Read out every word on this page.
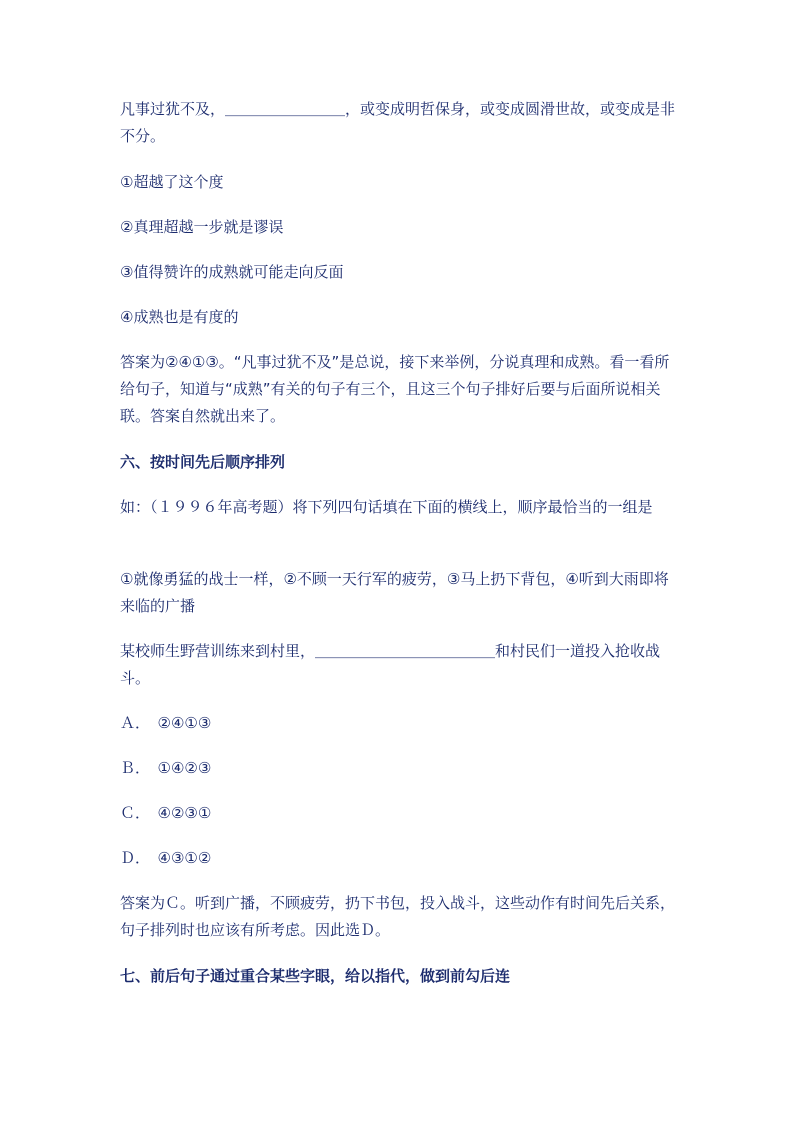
凡事过犹不及，＿＿＿＿＿＿＿＿，或变成明哲保身，或变成圆滑世故，或变成是非不分。

①超越了这个度

②真理超越一步就是谬误

③值得赞许的成熟就可能走向反面

④成熟也是有度的

答案为②④①③。“凡事过犹不及”是总说，接下来举例，分说真理和成熟。看一看所给句子，知道与“成熟”有关的句子有三个，且这三个句子排好后要与后面所说相关联。答案自然就出来了。

六、按时间先后顺序排列

如：（１９９６年高考题）将下列四句话填在下面的横线上，顺序最恰当的一组是

①就像勇猛的战士一样，②不顾一天行军的疲劳，③马上扔下背包，④听到大雨即将来临的广播

某校师生野营训练来到村里，＿＿＿＿＿＿＿＿＿＿＿＿和村民们一道投入抢收战斗。

Ａ．　②④①③

Ｂ．　①④②③

Ｃ．　④②③①

Ｄ．　④③①②

答案为Ｃ。听到广播，不顾疲劳，扔下书包，投入战斗，这些动作有时间先后关系，句子排列时也应该有所考虑。因此选Ｄ。

七、前后句子通过重合某些字眼，给以指代，做到前勾后连
